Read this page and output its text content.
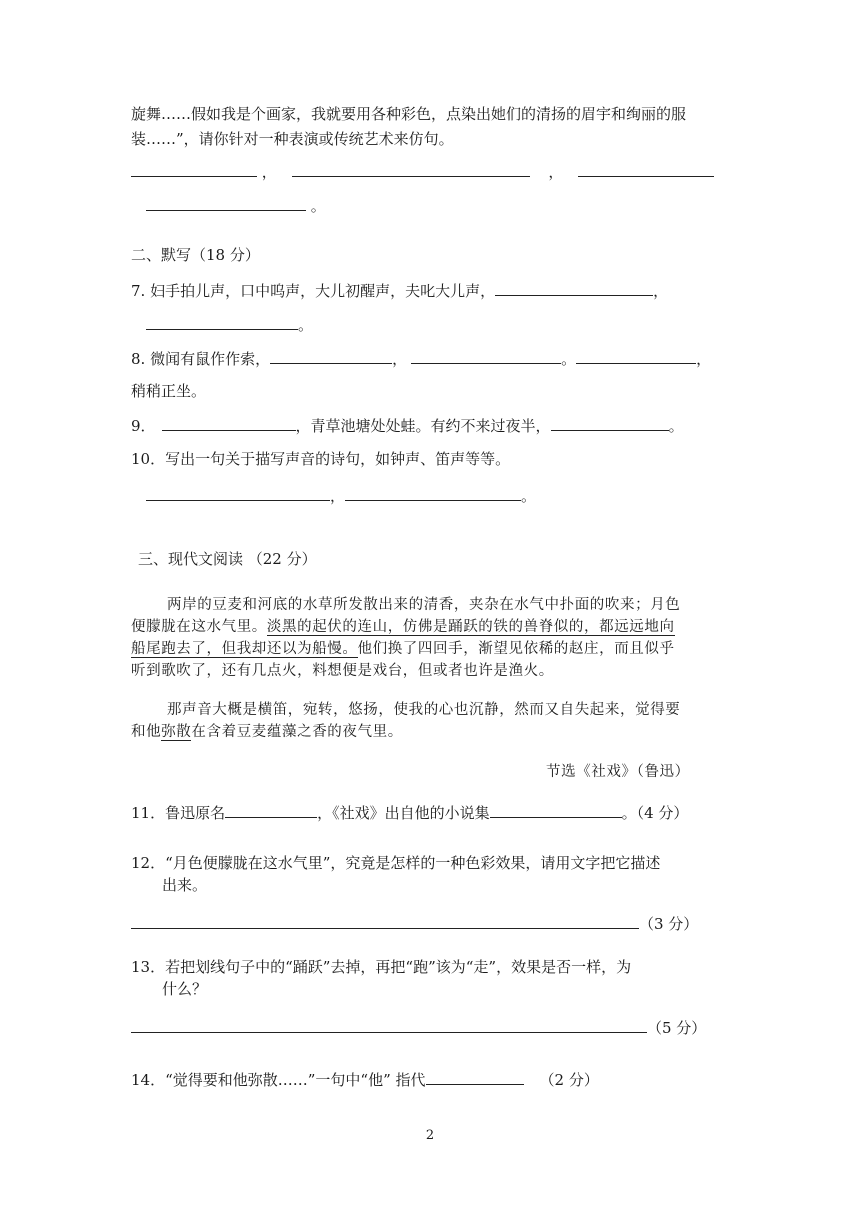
旋舞……假如我是个画家，我就要用各种彩色，点染出她们的清扬的眉宇和绚丽的服
装……”，请你针对一种表演或传统艺术来仿句。
，	，
。
二、默写（18 分）
7. 妇手拍儿声，口中呜声，大儿初醒声，夫叱大儿声，	，
。
8. 微闻有鼠作作索，	，	。	，
稍稍正坐。
9．	，青草池塘处处蛙。有约不来过夜半，	。
10．写出一句关于描写声音的诗句，如钟声、笛声等等。
，	。
三、现代文阅读 （22 分）
两岸的豆麦和河底的水草所发散出来的清香，夹杂在水气中扑面的吹来；月色
便朦胧在这水气里。淡黑的起伏的连山，仿佛是踊跃的铁的兽脊似的，都远远地向
船尾跑去了，但我却还以为船慢。他们换了四回手，渐望见依稀的赵庄，而且似乎
听到歌吹了，还有几点火，料想便是戏台，但或者也许是渔火。
那声音大概是横笛，宛转，悠扬，使我的心也沉静，然而又自失起来，觉得要
和他弥散在含着豆麦蕴藻之香的夜气里。
节选《社戏》（鲁迅）
11．鲁迅原名	，《社戏》出自他的小说集	。（4 分）
12．“月色便朦胧在这水气里”，究竟是怎样的一种色彩效果，请用文字把它描述
出来。
（3 分）
13．若把划线句子中的“踊跃”去掉，再把“跑”该为“走”，效果是否一样，为
什么？
（5 分）
14．“觉得要和他弥散……”一句中“他” 指代	（2 分）
2
